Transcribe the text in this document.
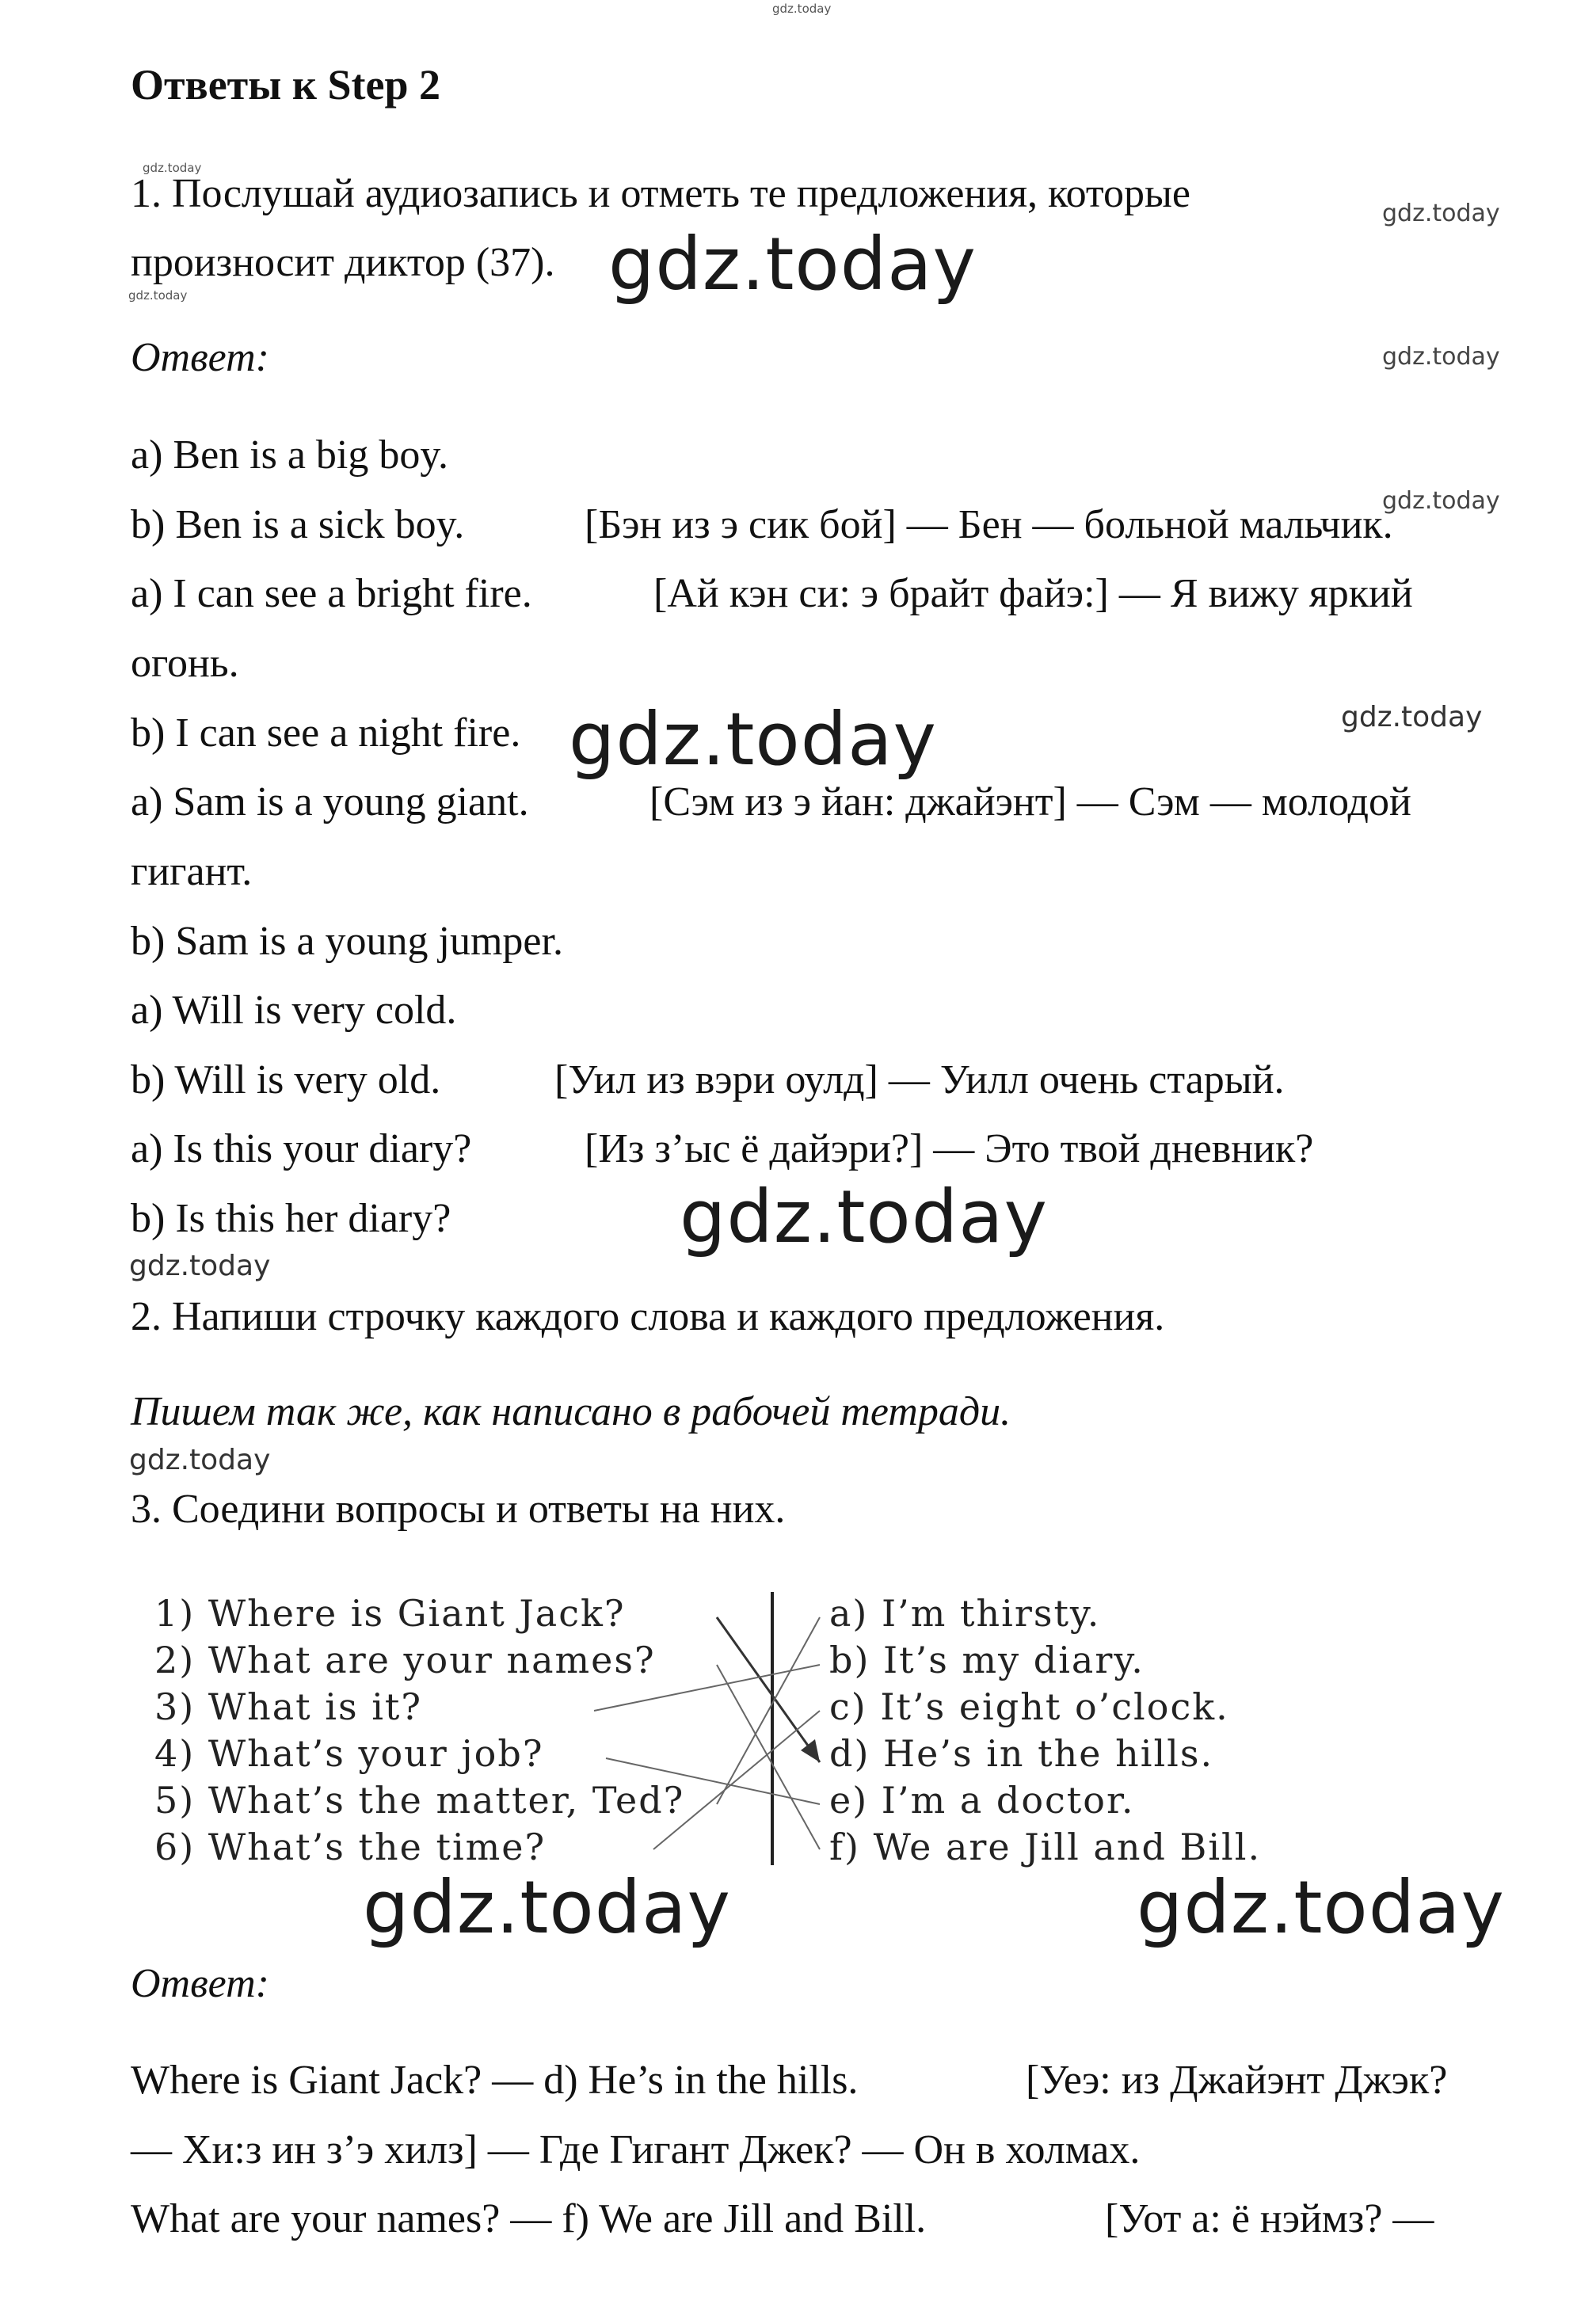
gdz.today
gdz.today
gdz.today
gdz.today
gdz.today
gdz.today
gdz.today
gdz.today
gdz.today
gdz.today
gdz.today
gdz.today
gdz.today	gdz.today
Ответы к Step 2
1. Послушай аудиозапись и отметь те предложения, которые
произносит диктор (37).
Ответ:
a) Ben is a big boy.
b) Ben is a sick boy.	[Бэн из э сик бой] — Бен — больной мальчик.
a) I can see a bright fire.	[Ай кэн си: э брайт файэ:] — Я вижу яркий
огонь.
b) I can see a night fire.
a) Sam is a young giant.	[Сэм из э йан: джайэнт] — Сэм — молодой
гигант.
b) Sam is a young jumper.
a) Will is very cold.
b) Will is very old.	[Уил из вэри оулд] — Уилл очень старый.
a) Is this your diary?	[Из з’ыс ё дайэри?] — Это твой дневник?
b) Is this her diary?
2. Напиши строчку каждого слова и каждого предложения.
Пишем так же, как написано в рабочей тетради.
3. Соедини вопросы и ответы на них.
1) Where is Giant Jack?
2) What are your names?
3) What is it?
4) What’s your job?
5) What’s the matter, Ted?
6) What’s the time?
a) I’m thirsty.
b) It’s my diary.
c) It’s eight o’clock.
d) He’s in the hills.
e) I’m a doctor.
f) We are Jill and Bill.
Ответ:
Where is Giant Jack? — d) He’s in the hills.	[Уеэ: из Джайэнт Джэк?
— Хи:з ин з’э хилз] — Где Гигант Джек? — Он в холмах.
What are your names? — f) We are Jill and Bill.	[Уот а: ё нэймз? —
